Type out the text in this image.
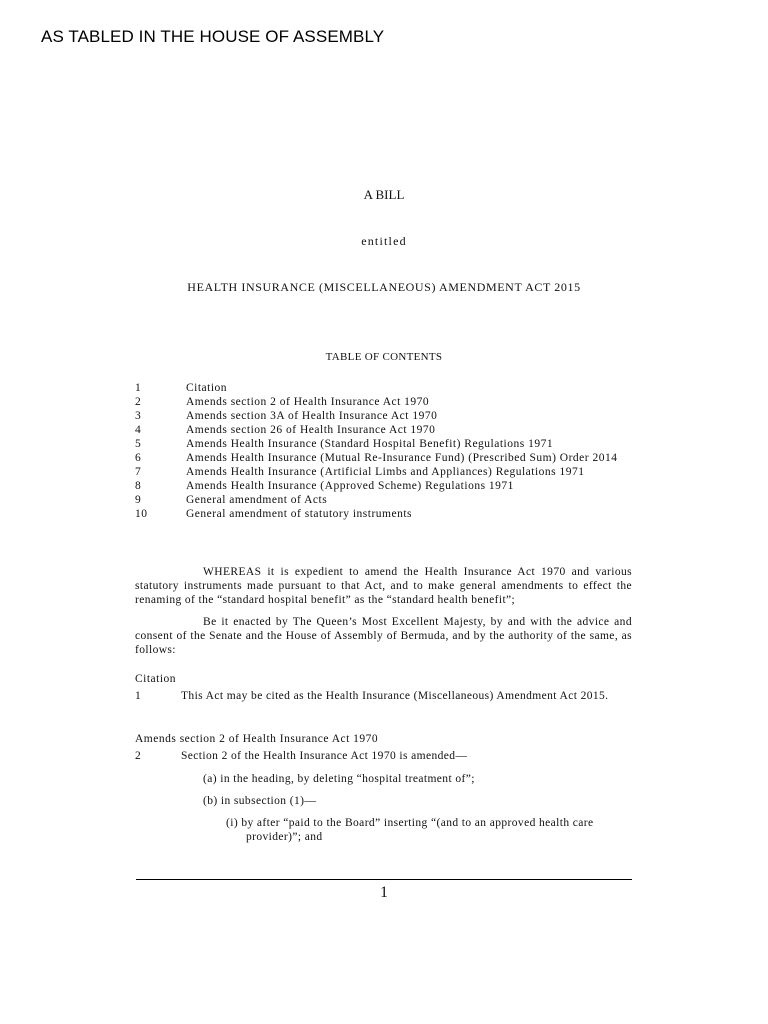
AS TABLED IN THE HOUSE OF ASSEMBLY
A BILL
entitled
HEALTH INSURANCE (MISCELLANEOUS) AMENDMENT ACT 2015
TABLE OF CONTENTS
1	Citation
2	Amends section 2 of Health Insurance Act 1970
3	Amends section 3A of Health Insurance Act 1970
4	Amends section 26 of Health Insurance Act 1970
5	Amends Health Insurance (Standard Hospital Benefit) Regulations 1971
6	Amends Health Insurance (Mutual Re-Insurance Fund) (Prescribed Sum) Order 2014
7	Amends Health Insurance (Artificial Limbs and Appliances) Regulations 1971
8	Amends Health Insurance (Approved Scheme) Regulations 1971
9	General amendment of Acts
10	General amendment of statutory instruments
WHEREAS it is expedient to amend the Health Insurance Act 1970 and various statutory instruments made pursuant to that Act, and to make general amendments to effect the renaming of the “standard hospital benefit” as the “standard health benefit”;
Be it enacted by The Queen’s Most Excellent Majesty, by and with the advice and consent of the Senate and the House of Assembly of Bermuda, and by the authority of the same, as follows:
Citation
1	This Act may be cited as the Health Insurance (Miscellaneous) Amendment Act 2015.
Amends section 2 of Health Insurance Act 1970
2	Section 2 of the Health Insurance Act 1970 is amended—
(a) in the heading, by deleting “hospital treatment of”;
(b) in subsection (1)—
(i) by after “paid to the Board” inserting “(and to an approved health care
provider)”; and
1
